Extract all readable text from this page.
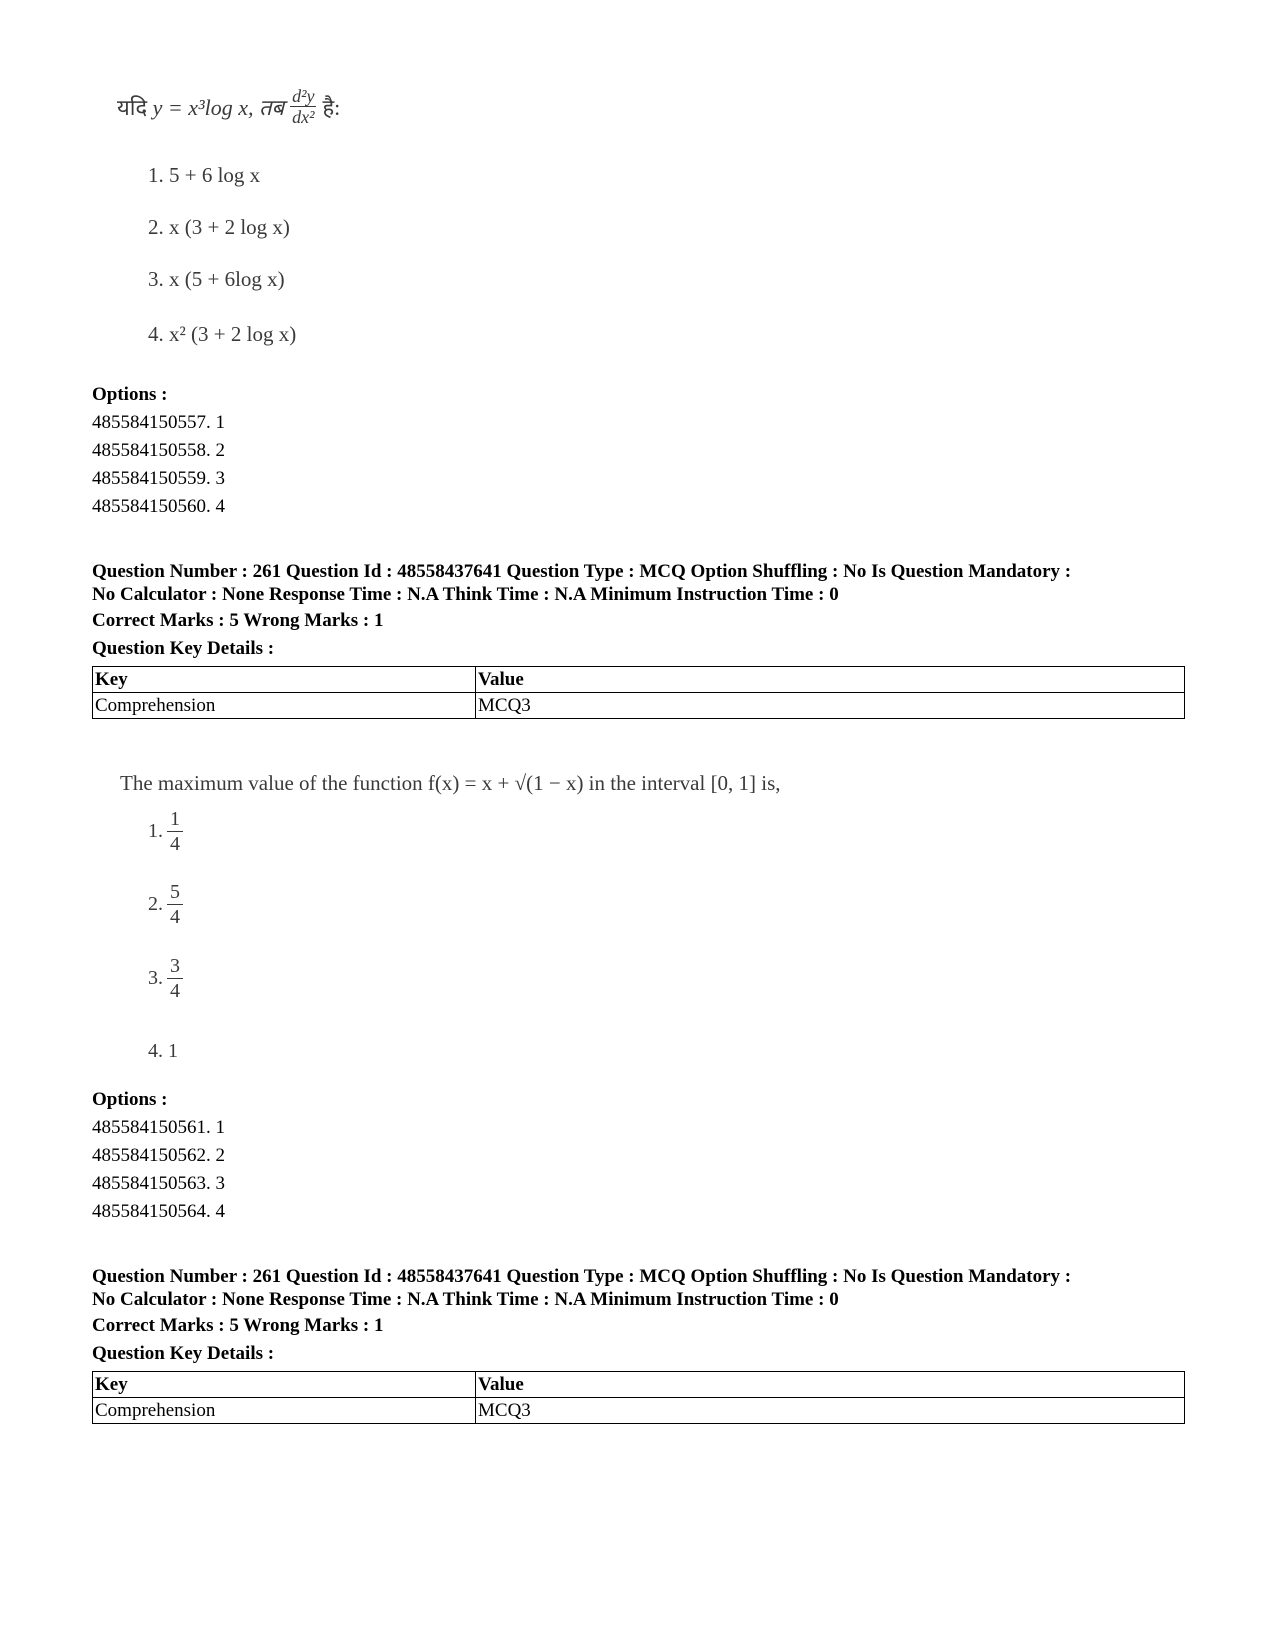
यदि
y = x³log x, तब $\frac{\text{d²y}}{\text{dx²}}$ है:
1. 5 + 6 log x
2. x (3 + 2 log x)
3. x (5 + 6log x)
4. x² (3 + 2 log x)
Options :
485584150557. 1
485584150558. 2
485584150559. 3
485584150560. 4
Question Number : 261 Question Id : 48558437641 Question Type : MCQ Option Shuffling : No Is Question Mandatory :
No Calculator : None Response Time : N.A Think Time : N.A Minimum Instruction Time : 0
Correct Marks : 5 Wrong Marks : 1
Question Key Details :
Key	Value
Comprehension	MCQ3
The maximum value of the function f(x) = x + √(1 − x) in the interval [0, 1] is,
1. $\frac{1}{4}$
2. $\frac{5}{4}$
3. $\frac{3}{4}$
4. 1
Options :
485584150561. 1
485584150562. 2
485584150563. 3
485584150564. 4
Question Number : 261 Question Id : 48558437641 Question Type : MCQ Option Shuffling : No Is Question Mandatory :
No Calculator : None Response Time : N.A Think Time : N.A Minimum Instruction Time : 0
Correct Marks : 5 Wrong Marks : 1
Question Key Details :
Key	Value
Comprehension	MCQ3
